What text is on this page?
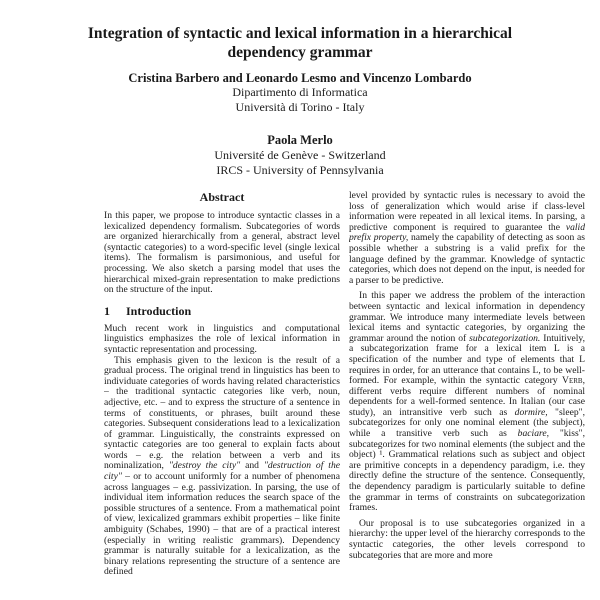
Integration of syntactic and lexical information in a hierarchical
dependency grammar
Cristina Barbero and Leonardo Lesmo and Vincenzo Lombardo
Dipartimento di Informatica
Università di Torino - Italy
Paola Merlo
Université de Genève - Switzerland
IRCS - University of Pennsylvania
Abstract

In this paper, we propose to introduce syntactic classes in a lexicalized dependency formalism. Subcategories of words are organized hierarchically from a general, abstract level (syntactic categories) to a word-specific level (single lexical items). The formalism is parsimonious, and useful for processing. We also sketch a parsing model that uses the hierarchical mixed-grain representation to make predictions on the structure of the input.

1 Introduction

Much recent work in linguistics and computational linguistics emphasizes the role of lexical information in syntactic representation and processing.

This emphasis given to the lexicon is the result of a gradual process. The original trend in linguistics has been to individuate categories of words having related characteristics – the traditional syntactic categories like verb, noun, adjective, etc. – and to express the structure of a sentence in terms of constituents, or phrases, built around these categories. Subsequent considerations lead to a lexicalization of grammar. Linguistically, the constraints expressed on syntactic categories are too general to explain facts about words – e.g. the relation between a verb and its nominalization, "destroy the city" and "destruction of the city" – or to account uniformly for a number of phenomena across languages – e.g. passivization. In parsing, the use of individual item information reduces the search space of the possible structures of a sentence. From a mathematical point of view, lexicalized grammars exhibit properties – like finite ambiguity (Schabes, 1990) – that are of a practical interest (especially in writing realistic grammars). Dependency grammar is naturally suitable for a lexicalization, as the binary relations representing the structure of a sentence are defined

level provided by syntactic rules is necessary to avoid the loss of generalization which would arise if class-level information were repeated in all lexical items. In parsing, a predictive component is required to guarantee the valid prefix property, namely the capability of detecting as soon as possible whether a substring is a valid prefix for the language defined by the grammar. Knowledge of syntactic categories, which does not depend on the input, is needed for a parser to be predictive.

In this paper we address the problem of the interaction between syntactic and lexical information in dependency grammar. We introduce many intermediate levels between lexical items and syntactic categories, by organizing the grammar around the notion of subcategorization. Intuitively, a subcategorization frame for a lexical item L is a specification of the number and type of elements that L requires in order, for an utterance that contains L, to be well-formed. For example, within the syntactic category Verb, different verbs require different numbers of nominal dependents for a well-formed sentence. In Italian (our case study), an intransitive verb such as dormire, "sleep", subcategorizes for only one nominal element (the subject), while a transitive verb such as baciare, "kiss", subcategorizes for two nominal elements (the subject and the object) ¹. Grammatical relations such as subject and object are primitive concepts in a dependency paradigm, i.e. they directly define the structure of the sentence. Consequently, the dependency paradigm is particularly suitable to define the grammar in terms of constraints on subcategorization frames.

Our proposal is to use subcategories organized in a hierarchy: the upper level of the hierarchy corresponds to the syntactic categories, the other levels correspond to subcategories that are more and more
